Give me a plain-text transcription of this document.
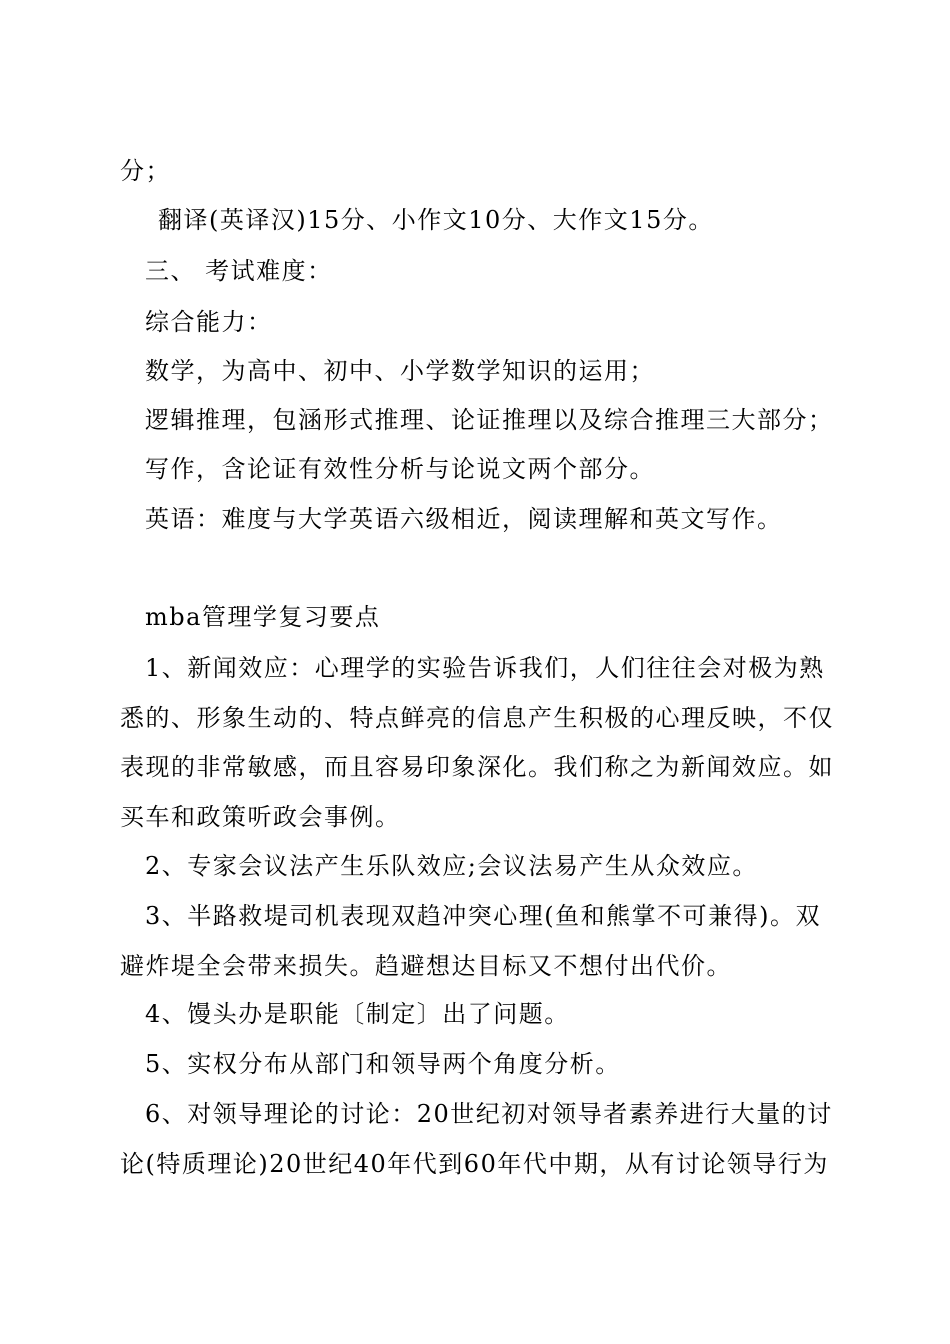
分；
翻译(英译汉)15分、小作文10分、大作文15分。
三、 考试难度：
综合能力：
数学，为高中、初中、小学数学知识的运用；
逻辑推理，包涵形式推理、论证推理以及综合推理三大部分；
写作，含论证有效性分析与论说文两个部分。
英语：难度与大学英语六级相近，阅读理解和英文写作。
mba管理学复习要点
1、新闻效应：心理学的实验告诉我们，人们往往会对极为熟
悉的、形象生动的、特点鲜亮的信息产生积极的心理反映，不仅
表现的非常敏感，而且容易印象深化。我们称之为新闻效应。如
买车和政策听政会事例。
2、专家会议法产生乐队效应;会议法易产生从众效应。
3、半路救堤司机表现双趋冲突心理(鱼和熊掌不可兼得)。双
避炸堤全会带来损失。趋避想达目标又不想付出代价。
4、馒头办是职能〔制定〕出了问题。
5、实权分布从部门和领导两个角度分析。
6、对领导理论的讨论：20世纪初对领导者素养进行大量的讨
论(特质理论)20世纪40年代到60年代中期，从有讨论领导行为
